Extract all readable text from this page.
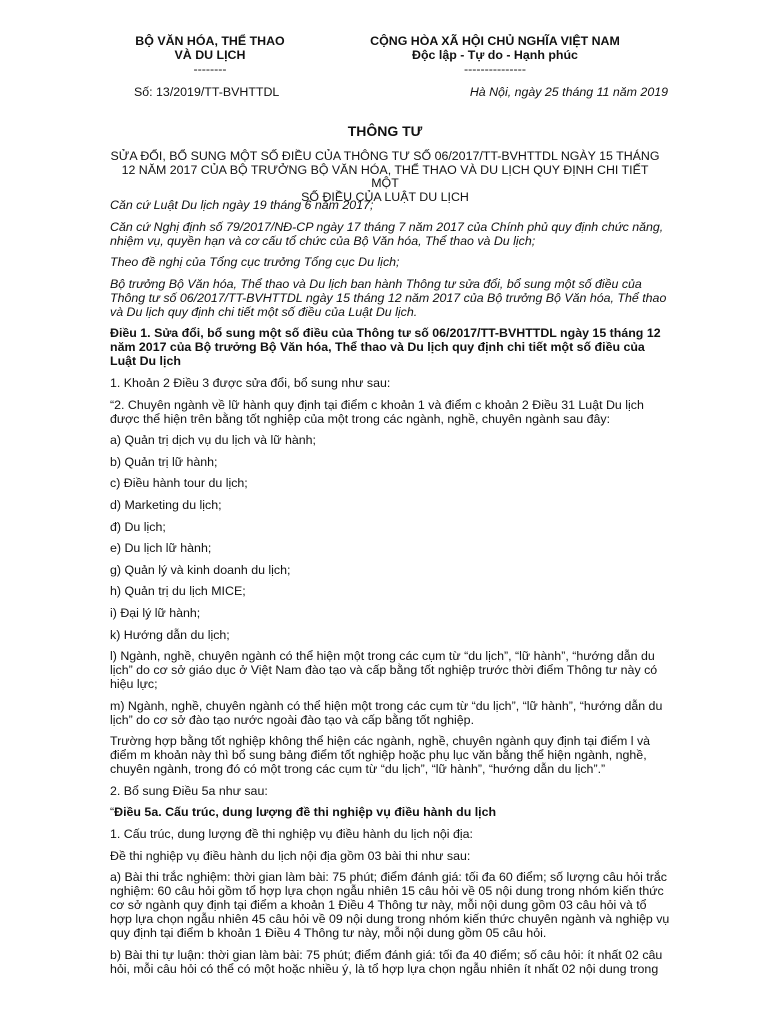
BỘ VĂN HÓA, THỂ THAO
VÀ DU LỊCH
--------
CỘNG HÒA XÃ HỘI CHỦ NGHĨA VIỆT NAM
Độc lập - Tự do - Hạnh phúc
---------------
Số: 13/2019/TT-BVHTTDL	Hà Nội, ngày 25 tháng 11 năm 2019
THÔNG TƯ
SỬA ĐỔI, BỔ SUNG MỘT SỐ ĐIỀU CỦA THÔNG TƯ SỐ 06/2017/TT-BVHTTDL NGÀY 15 THÁNG
12 NĂM 2017 CỦA BỘ TRƯỞNG BỘ VĂN HÓA, THỂ THAO VÀ DU LỊCH QUY ĐỊNH CHI TIẾT MỘT
SỐ ĐIỀU CỦA LUẬT DU LỊCH

Căn cứ Luật Du lịch ngày 19 tháng 6 năm 2017;

Căn cứ Nghị định số 79/2017/NĐ-CP ngày 17 tháng 7 năm 2017 của Chính phủ quy định chức năng,
nhiệm vụ, quyền hạn và cơ cấu tổ chức của Bộ Văn hóa, Thể thao và Du lịch;

Theo đề nghị của Tổng cục trưởng Tổng cục Du lịch;

Bộ trưởng Bộ Văn hóa, Thể thao và Du lịch ban hành Thông tư sửa đổi, bổ sung một số điều của
Thông tư số 06/2017/TT-BVHTTDL ngày 15 tháng 12 năm 2017 của Bộ trưởng Bộ Văn hóa, Thể thao
và Du lịch quy định chi tiết một số điều của Luật Du lịch.

Điều 1. Sửa đổi, bổ sung một số điều của Thông tư số 06/2017/TT-BVHTTDL ngày 15 tháng 12
năm 2017 của Bộ trưởng Bộ Văn hóa, Thể thao và Du lịch quy định chi tiết một số điều của
Luật Du lịch

1. Khoản 2 Điều 3 được sửa đổi, bổ sung như sau:

“2. Chuyên ngành về lữ hành quy định tại điểm c khoản 1 và điểm c khoản 2 Điều 31 Luật Du lịch
được thể hiện trên bằng tốt nghiệp của một trong các ngành, nghề, chuyên ngành sau đây:

a) Quản trị dịch vụ du lịch và lữ hành;

b) Quản trị lữ hành;

c) Điều hành tour du lịch;

d) Marketing du lịch;

đ) Du lịch;

e) Du lịch lữ hành;

g) Quản lý và kinh doanh du lịch;

h) Quản trị du lịch MICE;

i) Đại lý lữ hành;

k) Hướng dẫn du lịch;

l) Ngành, nghề, chuyên ngành có thể hiện một trong các cụm từ “du lịch”, “lữ hành”, “hướng dẫn du
lịch” do cơ sở giáo dục ở Việt Nam đào tạo và cấp bằng tốt nghiệp trước thời điểm Thông tư này có
hiệu lực;

m) Ngành, nghề, chuyên ngành có thể hiện một trong các cụm từ “du lịch”, “lữ hành”, “hướng dẫn du
lịch” do cơ sở đào tạo nước ngoài đào tạo và cấp bằng tốt nghiệp.

Trường hợp bằng tốt nghiệp không thể hiện các ngành, nghề, chuyên ngành quy định tại điểm l và
điểm m khoản này thì bổ sung bảng điểm tốt nghiệp hoặc phụ lục văn bằng thể hiện ngành, nghề,
chuyên ngành, trong đó có một trong các cụm từ “du lịch”, “lữ hành”, “hướng dẫn du lịch”.”

2. Bổ sung Điều 5a như sau:

“Điều 5a. Cấu trúc, dung lượng đề thi nghiệp vụ điều hành du lịch

1. Cấu trúc, dung lượng đề thi nghiệp vụ điều hành du lịch nội địa:

Đề thi nghiệp vụ điều hành du lịch nội địa gồm 03 bài thi như sau:

a) Bài thi trắc nghiệm: thời gian làm bài: 75 phút; điểm đánh giá: tối đa 60 điểm; số lượng câu hỏi trắc
nghiệm: 60 câu hỏi gồm tổ hợp lựa chọn ngẫu nhiên 15 câu hỏi về 05 nội dung trong nhóm kiến thức
cơ sở ngành quy định tại điểm a khoản 1 Điều 4 Thông tư này, mỗi nội dung gồm 03 câu hỏi và tổ
hợp lựa chọn ngẫu nhiên 45 câu hỏi về 09 nội dung trong nhóm kiến thức chuyên ngành và nghiệp vụ
quy định tại điểm b khoản 1 Điều 4 Thông tư này, mỗi nội dung gồm 05 câu hỏi.

b) Bài thi tự luận: thời gian làm bài: 75 phút; điểm đánh giá: tối đa 40 điểm; số câu hỏi: ít nhất 02 câu
hỏi, mỗi câu hỏi có thể có một hoặc nhiều ý, là tổ hợp lựa chọn ngẫu nhiên ít nhất 02 nội dung trong
